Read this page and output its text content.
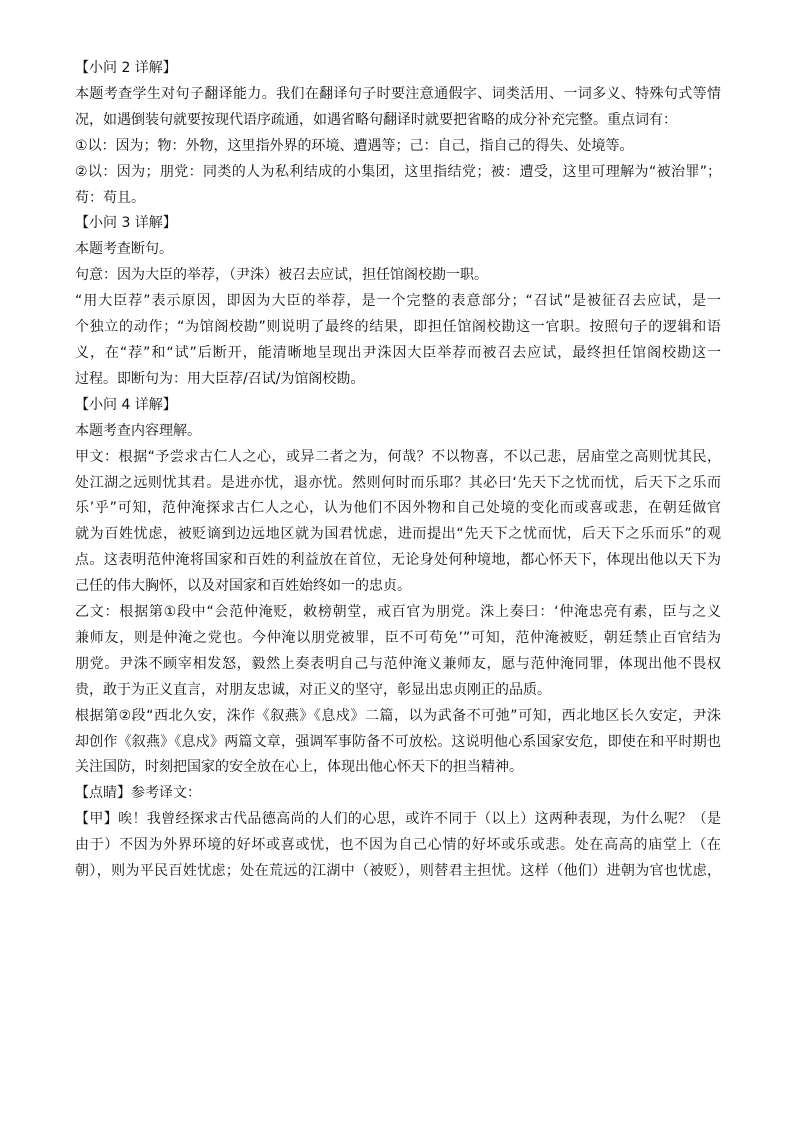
【小问 2 详解】
本题考查学生对句子翻译能力。我们在翻译句子时要注意通假字、词类活用、一词多义、特殊句式等情
况，如遇倒装句就要按现代语序疏通，如遇省略句翻译时就要把省略的成分补充完整。重点词有：
①以：因为；物：外物，这里指外界的环境、遭遇等；己：自己，指自己的得失、处境等。
②以：因为；朋党：同类的人为私利结成的小集团，这里指结党；被：遭受，这里可理解为“被治罪”；
苟：苟且。
【小问 3 详解】
本题考查断句。
句意：因为大臣的举荐，（尹洙）被召去应试，担任馆阁校勘一职。
“用大臣荐”表示原因，即因为大臣的举荐，是一个完整的表意部分；“召试”是被征召去应试，是一
个独立的动作；“为馆阁校勘”则说明了最终的结果，即担任馆阁校勘这一官职。按照句子的逻辑和语
义，在“荐”和“试”后断开，能清晰地呈现出尹洙因大臣举荐而被召去应试，最终担任馆阁校勘这一
过程。即断句为：用大臣荐/召试/为馆阁校勘。
【小问 4 详解】
本题考查内容理解。
甲文：根据“予尝求古仁人之心，或异二者之为，何哉？不以物喜，不以己悲，居庙堂之高则忧其民，
处江湖之远则忧其君。是进亦忧，退亦忧。然则何时而乐耶？其必曰‘先天下之忧而忧，后天下之乐而
乐’乎”可知，范仲淹探求古仁人之心，认为他们不因外物和自己处境的变化而或喜或悲，在朝廷做官
就为百姓忧虑，被贬谪到边远地区就为国君忧虑，进而提出“先天下之忧而忧，后天下之乐而乐”的观
点。这表明范仲淹将国家和百姓的利益放在首位，无论身处何种境地，都心怀天下，体现出他以天下为
己任的伟大胸怀，以及对国家和百姓始终如一的忠贞。
乙文：根据第①段中“会范仲淹贬，敕榜朝堂，戒百官为朋党。洙上奏曰：‘仲淹忠亮有素，臣与之义
兼师友，则是仲淹之党也。今仲淹以朋党被罪，臣不可苟免’”可知，范仲淹被贬，朝廷禁止百官结为
朋党。尹洙不顾宰相发怒，毅然上奏表明自己与范仲淹义兼师友，愿与范仲淹同罪，体现出他不畏权
贵，敢于为正义直言，对朋友忠诚，对正义的坚守，彰显出忠贞刚正的品质。
根据第②段“西北久安，洙作《叙燕》《息戍》二篇，以为武备不可弛”可知，西北地区长久安定，尹洙
却创作《叙燕》《息戍》两篇文章，强调军事防备不可放松。这说明他心系国家安危，即使在和平时期也
关注国防，时刻把国家的安全放在心上，体现出他心怀天下的担当精神。
【点睛】参考译文：
【甲】唉！我曾经探求古代品德高尚的人们的心思，或许不同于（以上）这两种表现，为什么呢？（是
由于）不因为外界环境的好坏或喜或忧，也不因为自己心情的好坏或乐或悲。处在高高的庙堂上（在
朝），则为平民百姓忧虑；处在荒远的江湖中（被贬），则替君主担忧。这样（他们）进朝为官也忧虑，
